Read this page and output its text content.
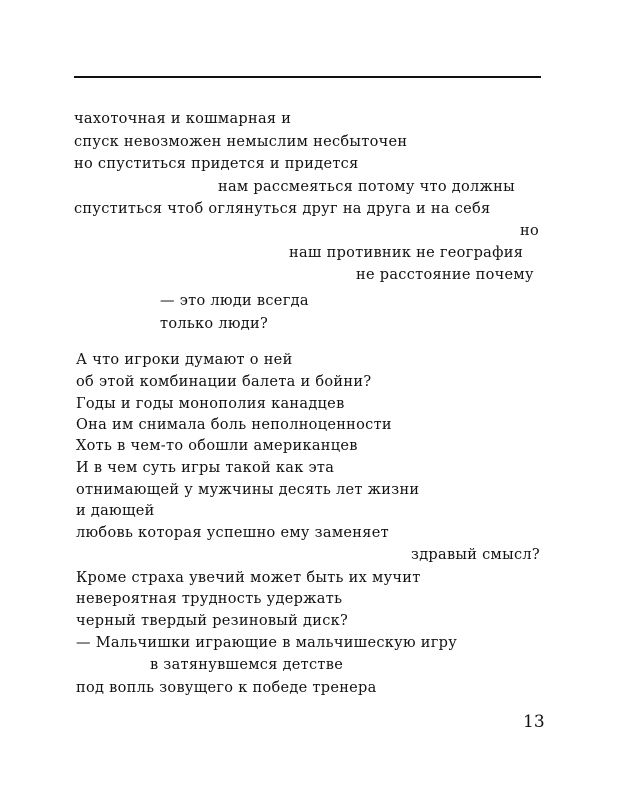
чахоточная и кошмарная и
спуск невозможен немыслим несбыточен
но спуститься придется и придется
нам рассмеяться потому что должны
спуститься чтоб оглянуться друг на друга и на себя
но
наш противник не география
не расстояние почему
— это люди всегда
только люди?
А что игроки думают о ней
об этой комбинации балета и бойни?
Годы и годы монополия канадцев
Она им снимала боль неполноценности
Хоть в чем-то обошли американцев
И в чем суть игры такой как эта
отнимающей у мужчины десять лет жизни
и дающей
любовь которая успешно ему заменяет
здравый смысл?
Кроме страха увечий может быть их мучит
невероятная трудность удержать
черный твердый резиновый диск?
— Мальчишки играющие в мальчишескую игру
в затянувшемся детстве
под вопль зовущего к победе тренера
13
